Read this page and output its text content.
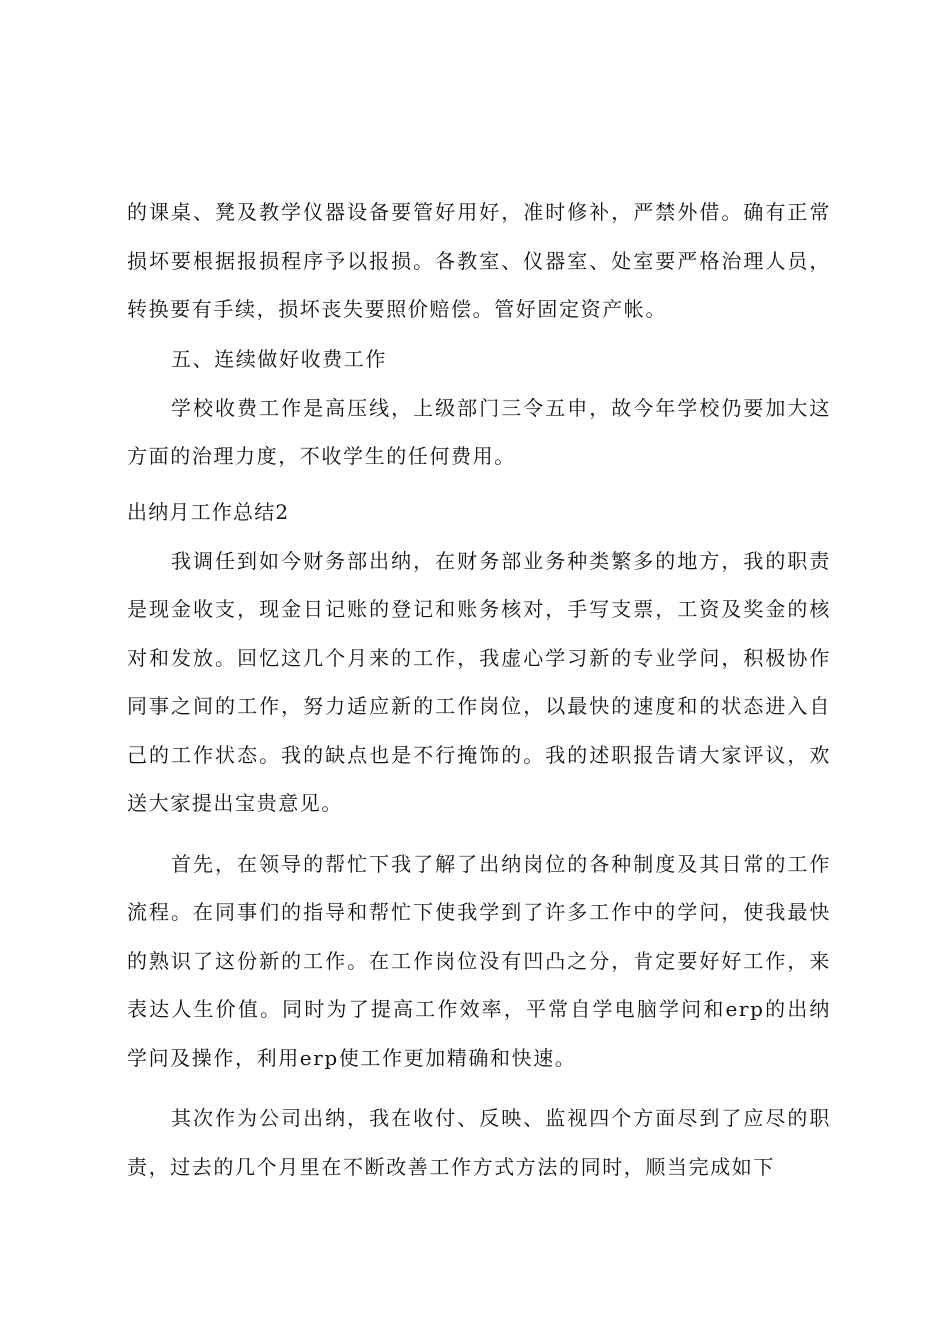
的课桌、凳及教学仪器设备要管好用好，准时修补，严禁外借。确有正常损坏要根据报损程序予以报损。各教室、仪器室、处室要严格治理人员，转换要有手续，损坏丧失要照价赔偿。管好固定资产帐。

五、连续做好收费工作

学校收费工作是高压线，上级部门三令五申，故今年学校仍要加大这方面的治理力度，不收学生的任何费用。

出纳月工作总结2

我调任到如今财务部出纳，在财务部业务种类繁多的地方，我的职责是现金收支，现金日记账的登记和账务核对，手写支票，工资及奖金的核对和发放。回忆这几个月来的工作，我虚心学习新的专业学问，积极协作同事之间的工作，努力适应新的工作岗位，以最快的速度和的状态进入自己的工作状态。我的缺点也是不行掩饰的。我的述职报告请大家评议，欢送大家提出宝贵意见。

首先，在领导的帮忙下我了解了出纳岗位的各种制度及其日常的工作流程。在同事们的指导和帮忙下使我学到了许多工作中的学问，使我最快的熟识了这份新的工作。在工作岗位没有凹凸之分，肯定要好好工作，来表达人生价值。同时为了提高工作效率，平常自学电脑学问和erp的出纳学问及操作，利用erp使工作更加精确和快速。

其次作为公司出纳，我在收付、反映、监视四个方面尽到了应尽的职责，过去的几个月里在不断改善工作方式方法的同时，顺当完成如下
